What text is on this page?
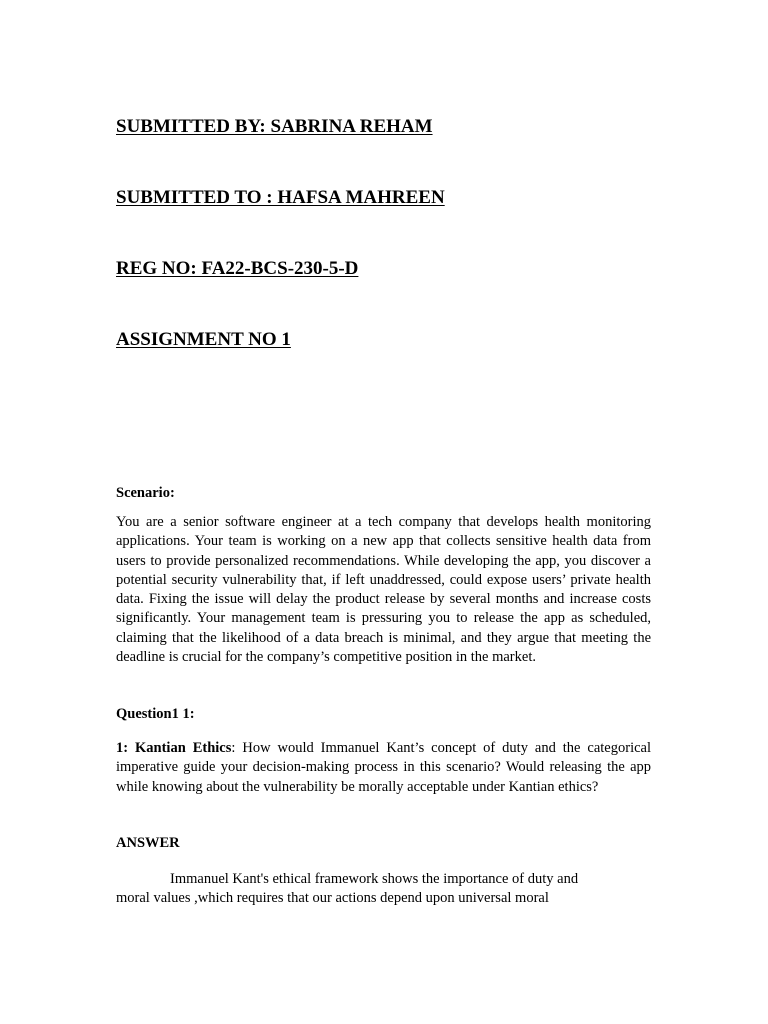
SUBMITTED BY: SABRINA REHAM

SUBMITTED TO : HAFSA MAHREEN

REG NO: FA22-BCS-230-5-D

ASSIGNMENT NO 1

Scenario:

You are a senior software engineer at a tech company that develops health monitoring applications. Your team is working on a new app that collects sensitive health data from users to provide personalized recommendations. While developing the app, you discover a potential security vulnerability that, if left unaddressed, could expose users’ private health data. Fixing the issue will delay the product release by several months and increase costs significantly. Your management team is pressuring you to release the app as scheduled, claiming that the likelihood of a data breach is minimal, and they argue that meeting the deadline is crucial for the company’s competitive position in the market.

Question1 1:

1: Kantian Ethics: How would Immanuel Kant’s concept of duty and the categorical imperative guide your decision-making process in this scenario? Would releasing the app while knowing about the vulnerability be morally acceptable under Kantian ethics?

ANSWER

Immanuel Kant's ethical framework shows the importance of duty and
moral values ,which requires that our actions depend upon universal moral
